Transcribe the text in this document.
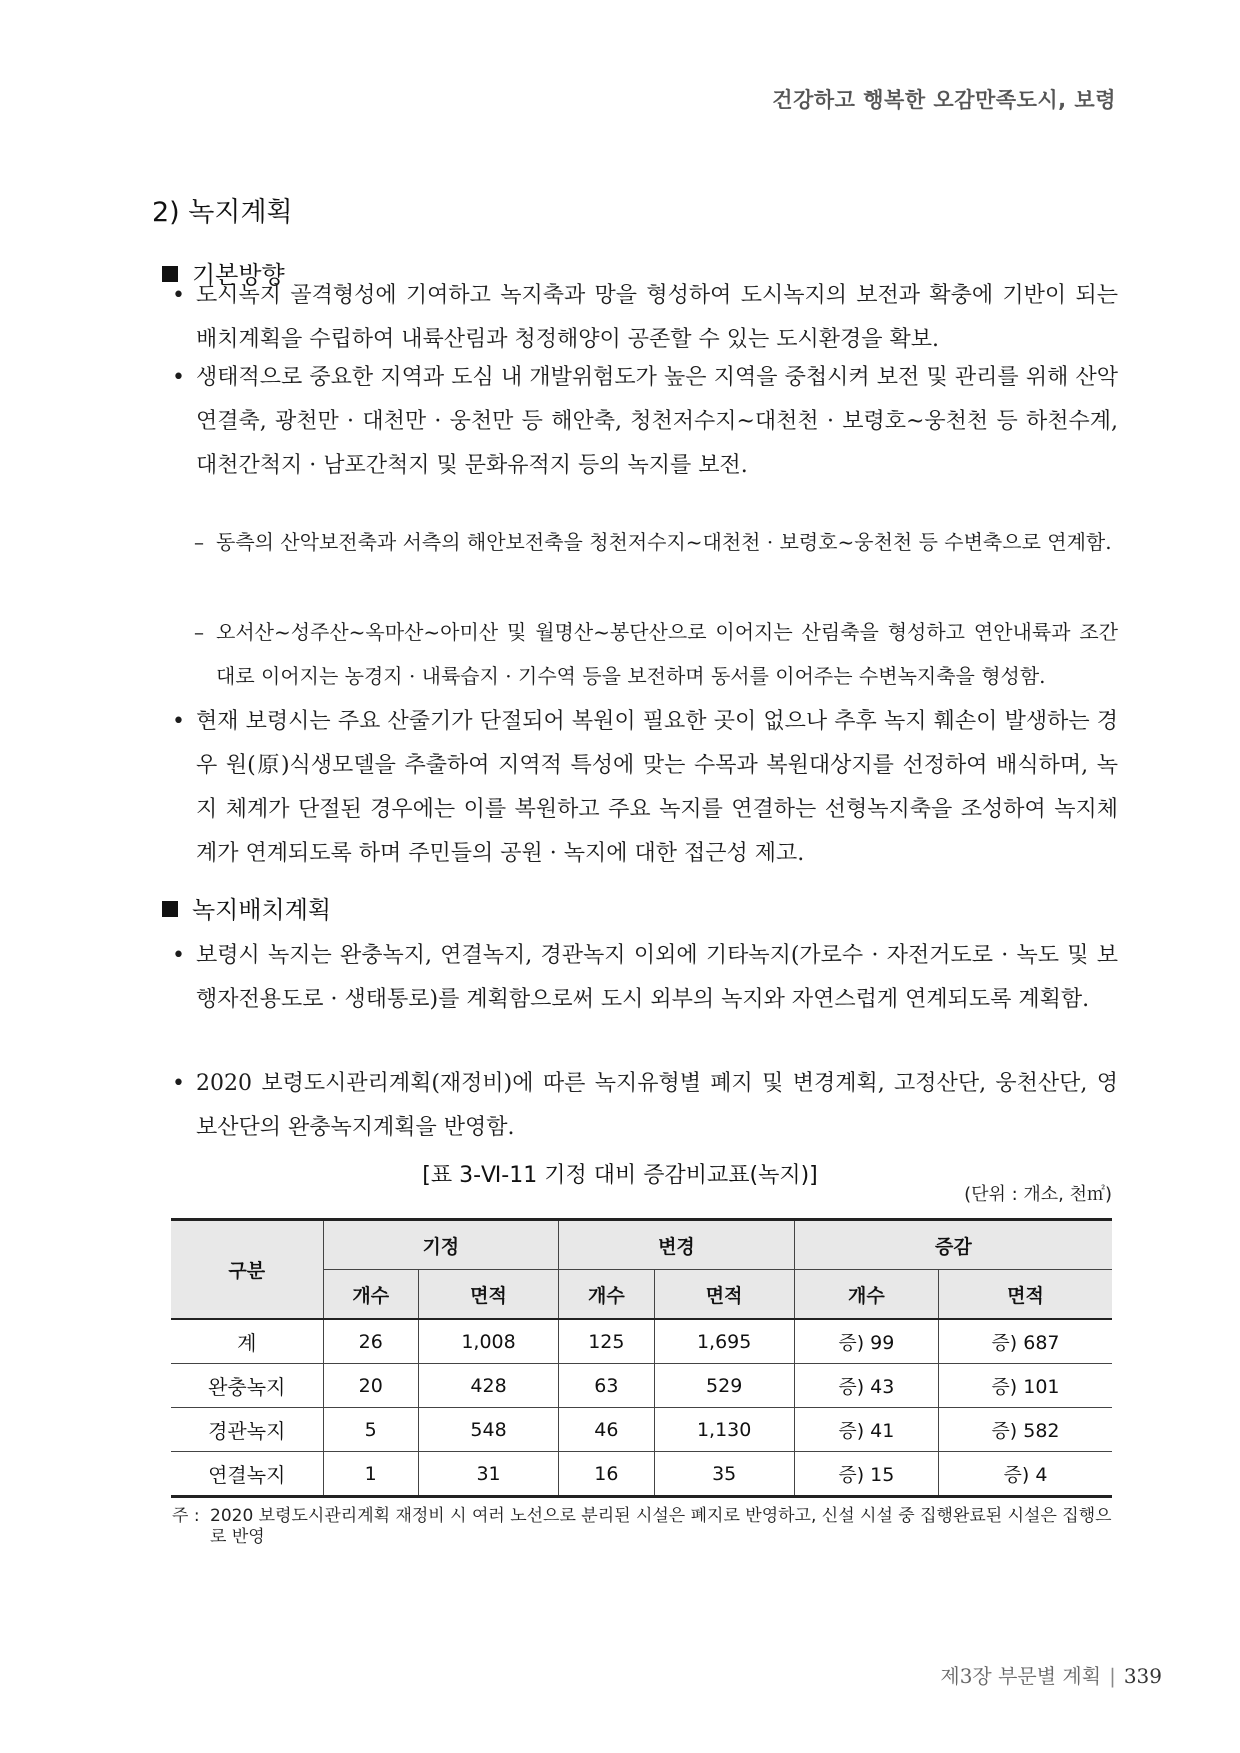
건강하고 행복한 오감만족도시, 보령
2) 녹지계획
기본방향
• 도시녹지 골격형성에 기여하고 녹지축과 망을 형성하여 도시녹지의 보전과 확충에 기반이 되는 배치계획을 수립하여 내륙산림과 청정해양이 공존할 수 있는 도시환경을 확보.
• 생태적으로 중요한 지역과 도심 내 개발위험도가 높은 지역을 중첩시켜 보전 및 관리를 위해 산악연결축, 광천만 · 대천만 · 웅천만 등 해안축, 청천저수지~대천천 · 보령호~웅천천 등 하천수계, 대천간척지 · 남포간척지 및 문화유적지 등의 녹지를 보전.
– 동측의 산악보전축과 서측의 해안보전축을 청천저수지~대천천 · 보령호~웅천천 등 수변축으로 연계함.
– 오서산~성주산~옥마산~아미산 및 월명산~봉단산으로 이어지는 산림축을 형성하고 연안내륙과 조간대로 이어지는 농경지 · 내륙습지 · 기수역 등을 보전하며 동서를 이어주는 수변녹지축을 형성함.
• 현재 보령시는 주요 산줄기가 단절되어 복원이 필요한 곳이 없으나 추후 녹지 훼손이 발생하는 경우 원(原)식생모델을 추출하여 지역적 특성에 맞는 수목과 복원대상지를 선정하여 배식하며, 녹지 체계가 단절된 경우에는 이를 복원하고 주요 녹지를 연결하는 선형녹지축을 조성하여 녹지체계가 연계되도록 하며 주민들의 공원 · 녹지에 대한 접근성 제고.
녹지배치계획
• 보령시 녹지는 완충녹지, 연결녹지, 경관녹지 이외에 기타녹지(가로수 · 자전거도로 · 녹도 및 보행자전용도로 · 생태통로)를 계획함으로써 도시 외부의 녹지와 자연스럽게 연계되도록 계획함.
• 2020 보령도시관리계획(재정비)에 따른 녹지유형별 폐지 및 변경계획, 고정산단, 웅천산단, 영보산단의 완충녹지계획을 반영함.
[표 3-Ⅵ-11 기정 대비 증감비교표(녹지)]
(단위 : 개소, 천㎡)
구분	기정		변경		증감	
	개수	면적	개수	면적	개수	면적
계	26	1,008	125	1,695	증) 99	증) 687
완충녹지	20	428	63	529	증) 43	증) 101
경관녹지	5	548	46	1,130	증) 41	증) 582
연결녹지	1	31	16	35	증) 15	증) 4
주 : 2020 보령도시관리계획 재정비 시 여러 노선으로 분리된 시설은 폐지로 반영하고, 신설 시설 중 집행완료된 시설은 집행으로 반영
제3장 부문별 계획 | 339
